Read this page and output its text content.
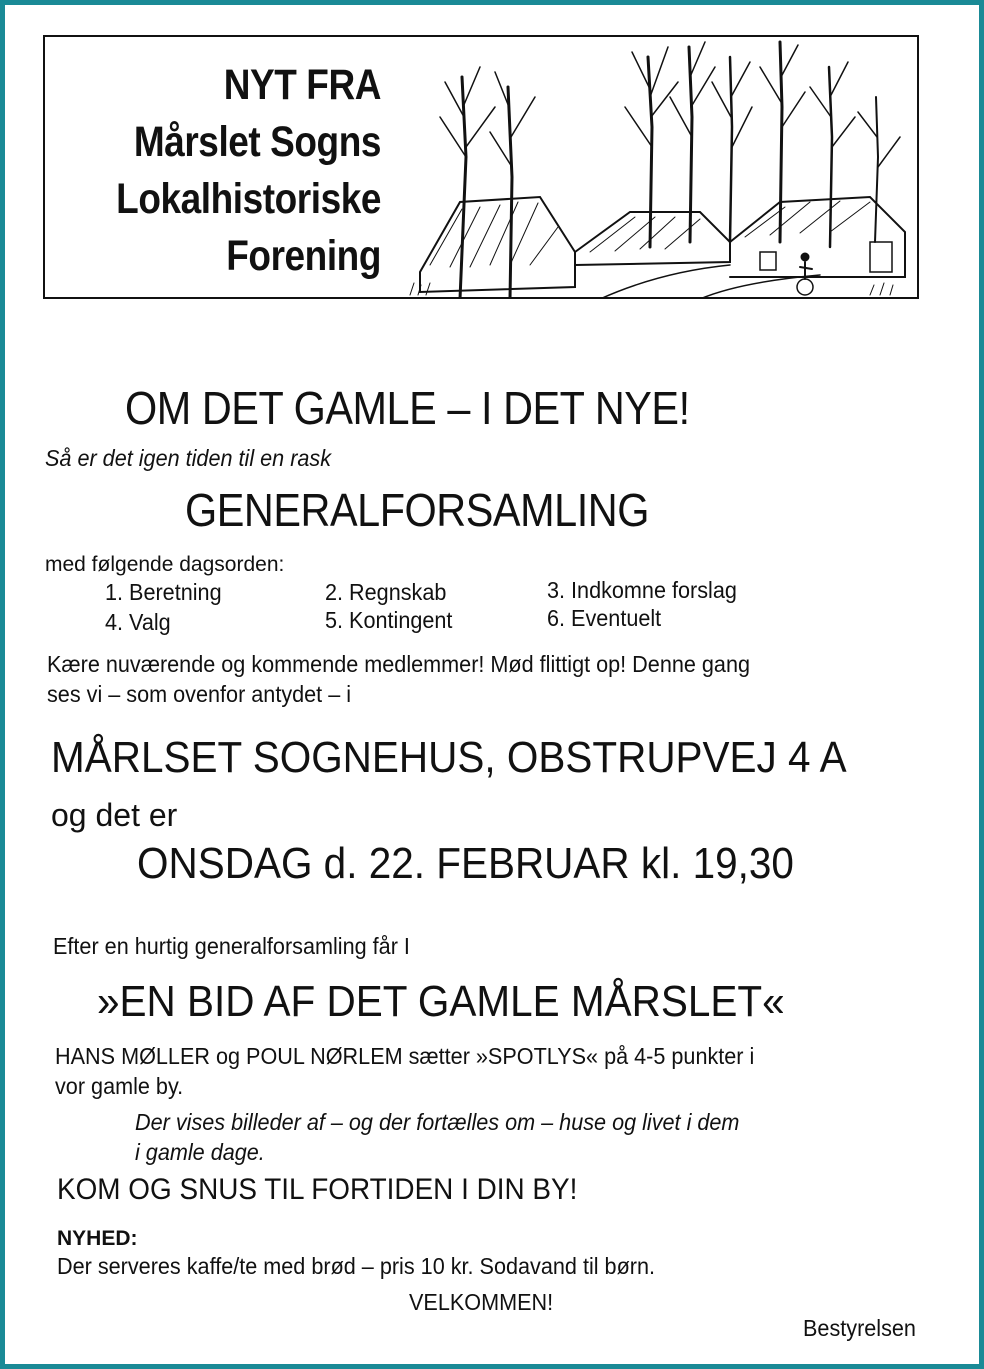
NYT FRA
Mårslet Sogns
Lokalhistoriske
Forening
OM DET GAMLE – I DET NYE!
Så er det igen tiden til en rask
GENERALFORSAMLING
med følgende dagsorden:
1. Beretning	2. Regnskab	3. Indkomne forslag
4. Valg	5. Kontingent	6. Eventuelt
Kære nuværende og kommende medlemmer! Mød flittigt op! Denne gang
ses vi – som ovenfor antydet – i
MÅRLSET SOGNEHUS, OBSTRUPVEJ 4 A
og det er
ONSDAG d. 22. FEBRUAR kl. 19,30
Efter en hurtig generalforsamling får I
»EN BID AF DET GAMLE MÅRSLET«
HANS MØLLER og POUL NØRLEM sætter »SPOTLYS« på 4-5 punkter i
vor gamle by.
Der vises billeder af – og der fortælles om – huse og livet i dem
i gamle dage.
KOM OG SNUS TIL FORTIDEN I DIN BY!
NYHED:
Der serveres kaffe/te med brød – pris 10 kr. Sodavand til børn.
VELKOMMEN!
Bestyrelsen
